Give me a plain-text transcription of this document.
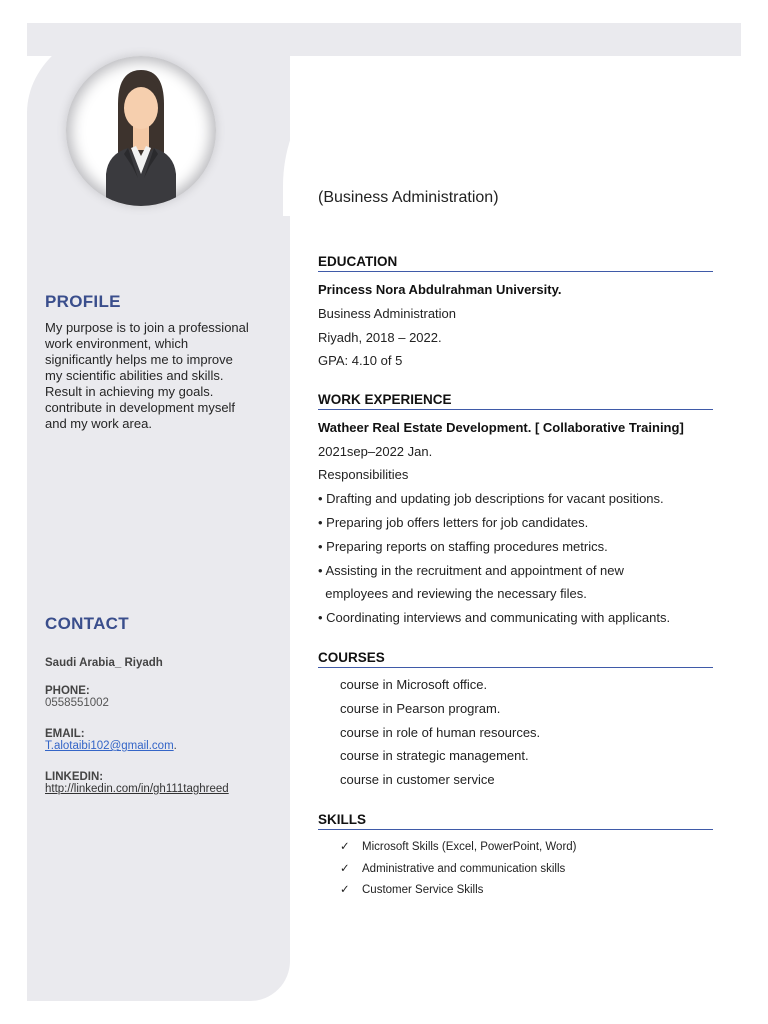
PROFILE
My purpose is to join a professional
work environment, which
significantly helps me to improve
my scientific abilities and skills.
Result in achieving my goals.
contribute in development myself
and my work area.
CONTACT
Saudi Arabia_ Riyadh
PHONE:
0558551002
EMAIL:
T.alotaibi102@gmail.com.
LINKEDIN:
http://linkedin.com/in/gh111taghreed
(Business Administration)
EDUCATION
Princess Nora Abdulrahman University.
Business Administration
Riyadh, 2018 – 2022.
GPA: 4.10 of 5
WORK EXPERIENCE
Watheer Real Estate Development. [ Collaborative Training]
2021sep–2022 Jan.
Responsibilities
• Drafting and updating job descriptions for vacant positions.
• Preparing job offers letters for job candidates.
• Preparing reports on staffing procedures metrics.
• Assisting in the recruitment and appointment of new
employees and reviewing the necessary files.
• Coordinating interviews and communicating with applicants.
COURSES
course in Microsoft office.
course in Pearson program.
course in role of human resources.
course in strategic management.
course in customer service
SKILLS
✓ Microsoft Skills (Excel, PowerPoint, Word)
✓ Administrative and communication skills
✓ Customer Service Skills
